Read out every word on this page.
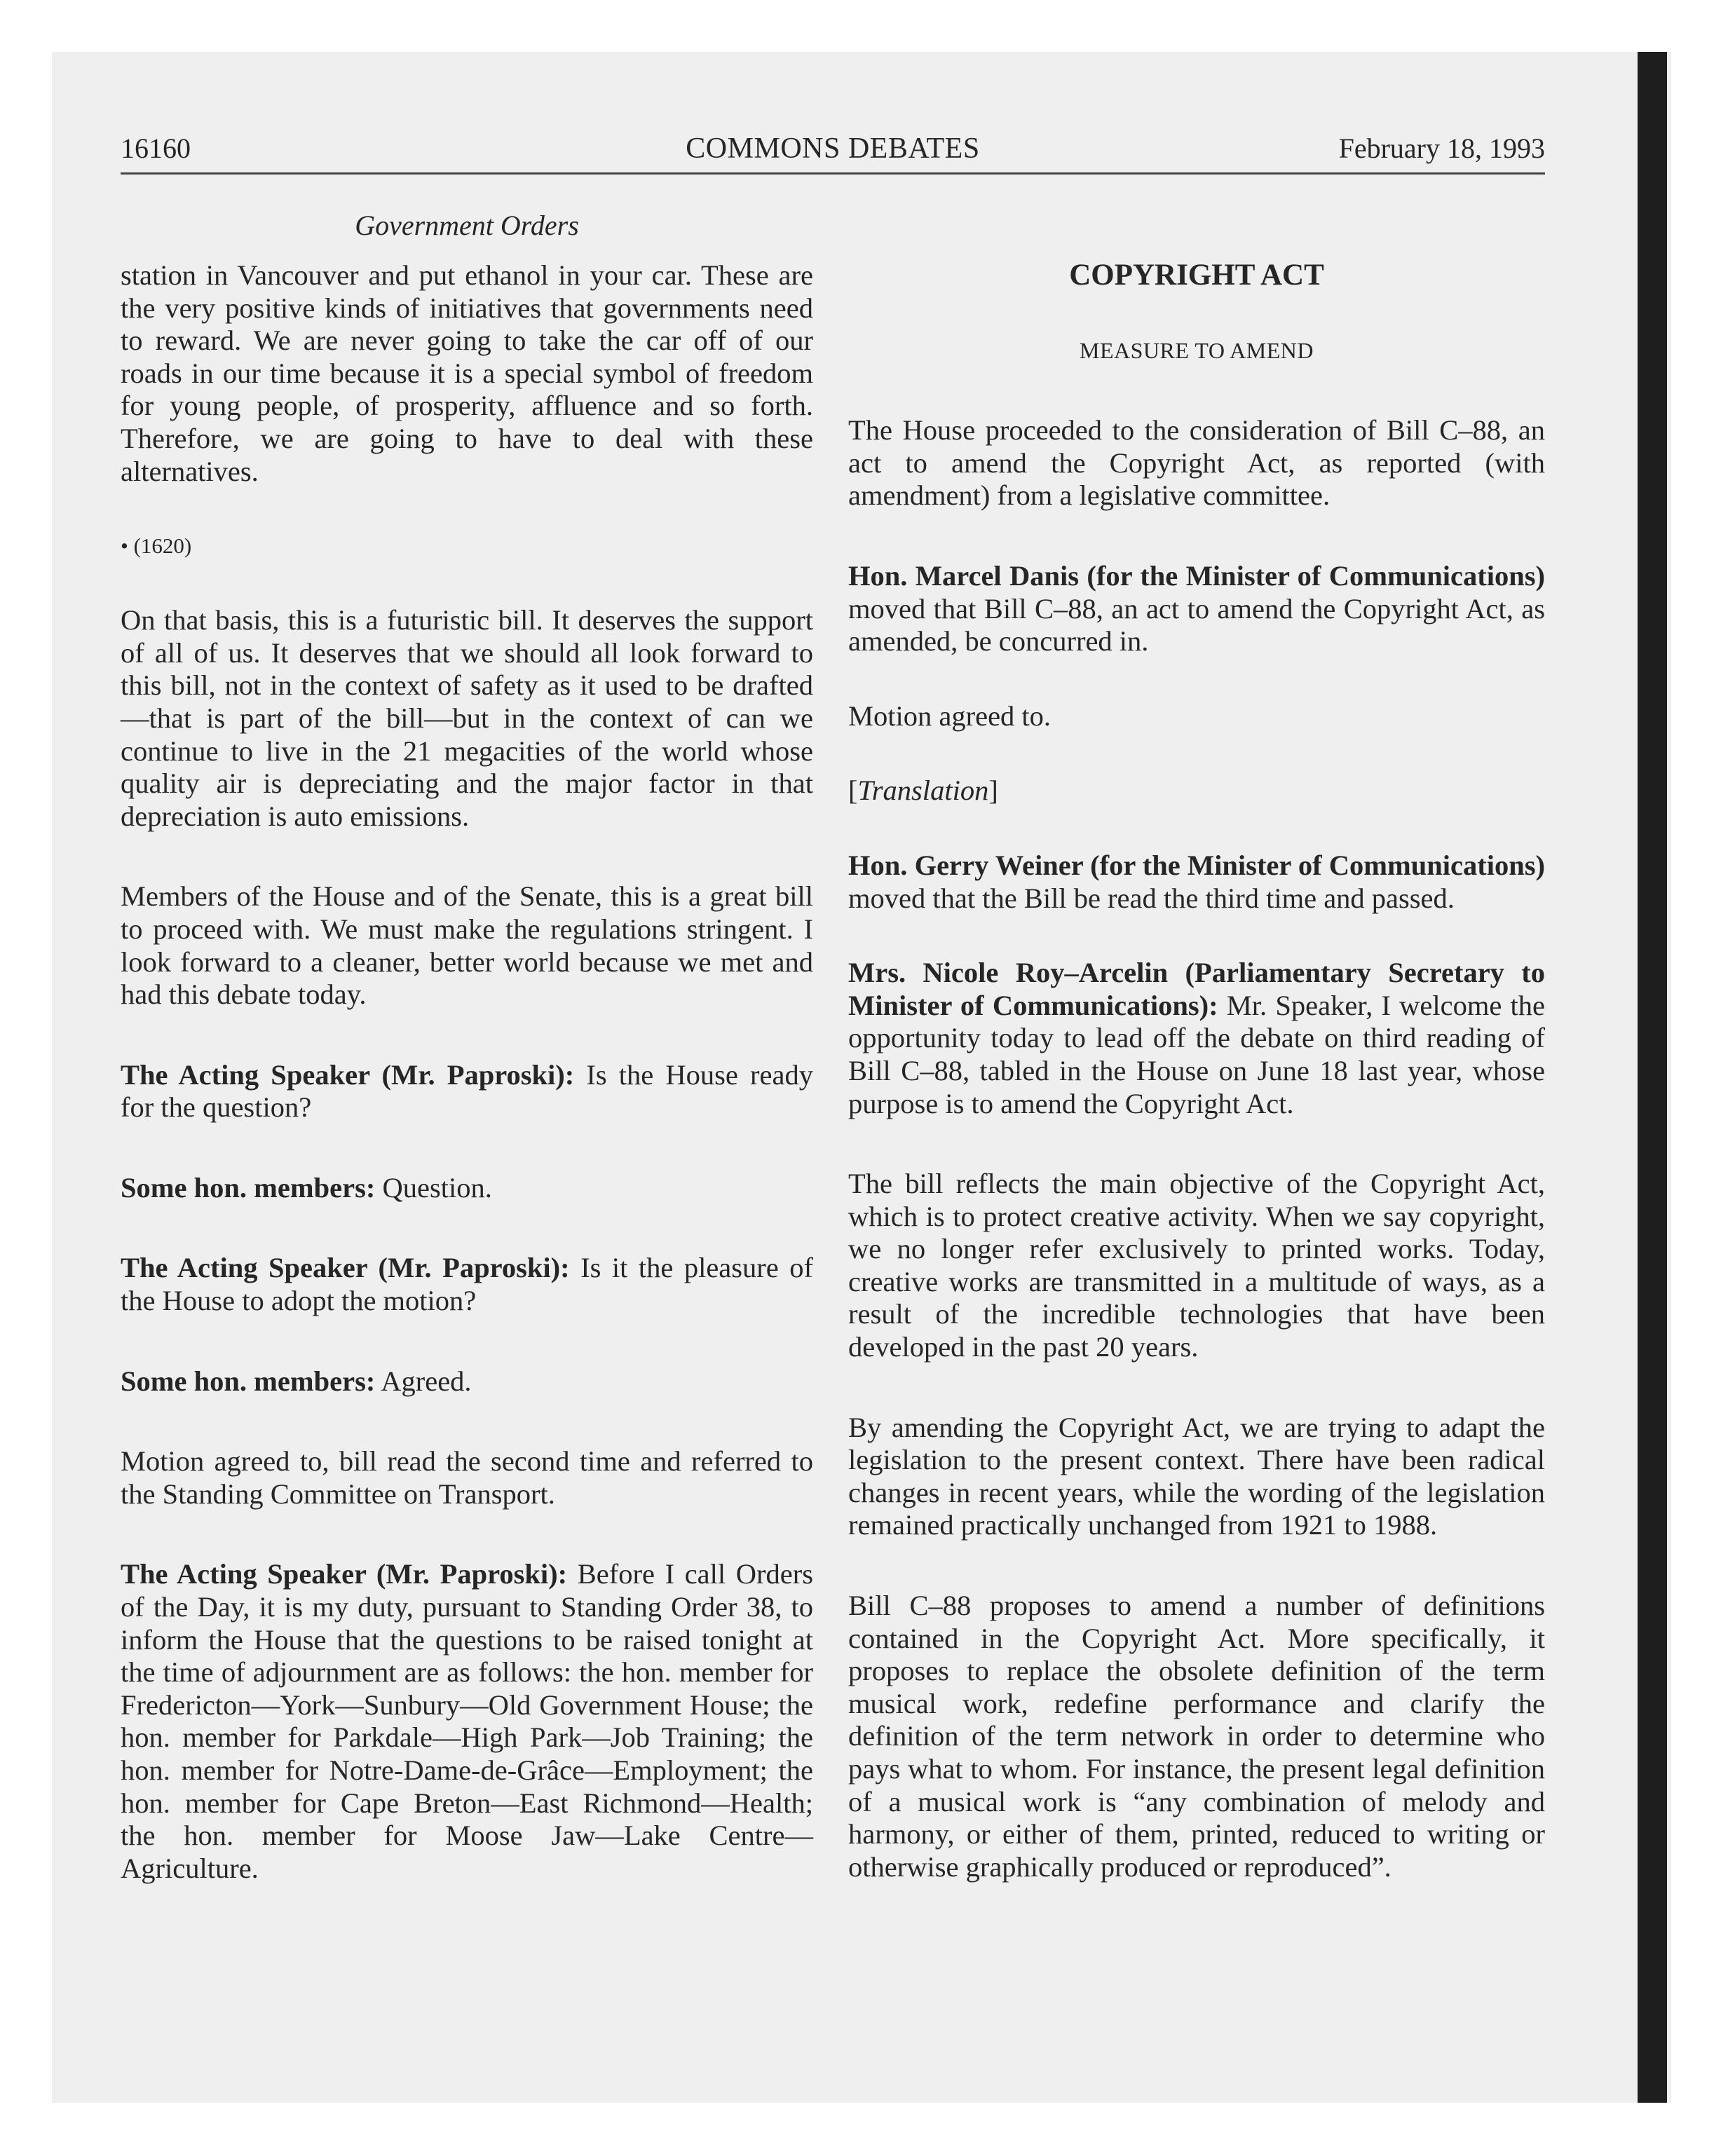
16160	COMMONS DEBATES	February 18, 1993
Government Orders

station in Vancouver and put ethanol in your car. These are the very positive kinds of initiatives that governments need to reward. We are never going to take the car off of our roads in our time because it is a special symbol of freedom for young people, of prosperity, affluence and so forth. Therefore, we are going to have to deal with these alternatives.

• (1620)

On that basis, this is a futuristic bill. It deserves the support of all of us. It deserves that we should all look forward to this bill, not in the context of safety as it used to be drafted—that is part of the bill—but in the context of can we continue to live in the 21 megacities of the world whose quality air is depreciating and the major factor in that depreciation is auto emissions.

Members of the House and of the Senate, this is a great bill to proceed with. We must make the regulations stringent. I look forward to a cleaner, better world because we met and had this debate today.

The Acting Speaker (Mr. Paproski): Is the House ready for the question?

Some hon. members: Question.

The Acting Speaker (Mr. Paproski): Is it the pleasure of the House to adopt the motion?

Some hon. members: Agreed.

Motion agreed to, bill read the second time and referred to the Standing Committee on Transport.

The Acting Speaker (Mr. Paproski): Before I call Orders of the Day, it is my duty, pursuant to Standing Order 38, to inform the House that the questions to be raised tonight at the time of adjournment are as follows: the hon. member for Fredericton—York—Sunbury—Old Government House; the hon. member for Parkdale—High Park—Job Training; the hon. member for Notre-Dame-de-Grâce—Employment; the hon. member for Cape Breton—East Richmond—Health; the hon. member for Moose Jaw—Lake Centre—Agriculture.

COPYRIGHT ACT

MEASURE TO AMEND

The House proceeded to the consideration of Bill C–88, an act to amend the Copyright Act, as reported (with amendment) from a legislative committee.

Hon. Marcel Danis (for the Minister of Communications) moved that Bill C–88, an act to amend the Copyright Act, as amended, be concurred in.

Motion agreed to.

[Translation]

Hon. Gerry Weiner (for the Minister of Communications) moved that the Bill be read the third time and passed.

Mrs. Nicole Roy–Arcelin (Parliamentary Secretary to Minister of Communications): Mr. Speaker, I welcome the opportunity today to lead off the debate on third reading of Bill C–88, tabled in the House on June 18 last year, whose purpose is to amend the Copyright Act.

The bill reflects the main objective of the Copyright Act, which is to protect creative activity. When we say copyright, we no longer refer exclusively to printed works. Today, creative works are transmitted in a multitude of ways, as a result of the incredible technologies that have been developed in the past 20 years.

By amending the Copyright Act, we are trying to adapt the legislation to the present context. There have been radical changes in recent years, while the wording of the legislation remained practically unchanged from 1921 to 1988.

Bill C–88 proposes to amend a number of definitions contained in the Copyright Act. More specifically, it proposes to replace the obsolete definition of the term musical work, redefine performance and clarify the definition of the term network in order to determine who pays what to whom. For instance, the present legal definition of a musical work is “any combination of melody and harmony, or either of them, printed, reduced to writing or otherwise graphically produced or reproduced”.
